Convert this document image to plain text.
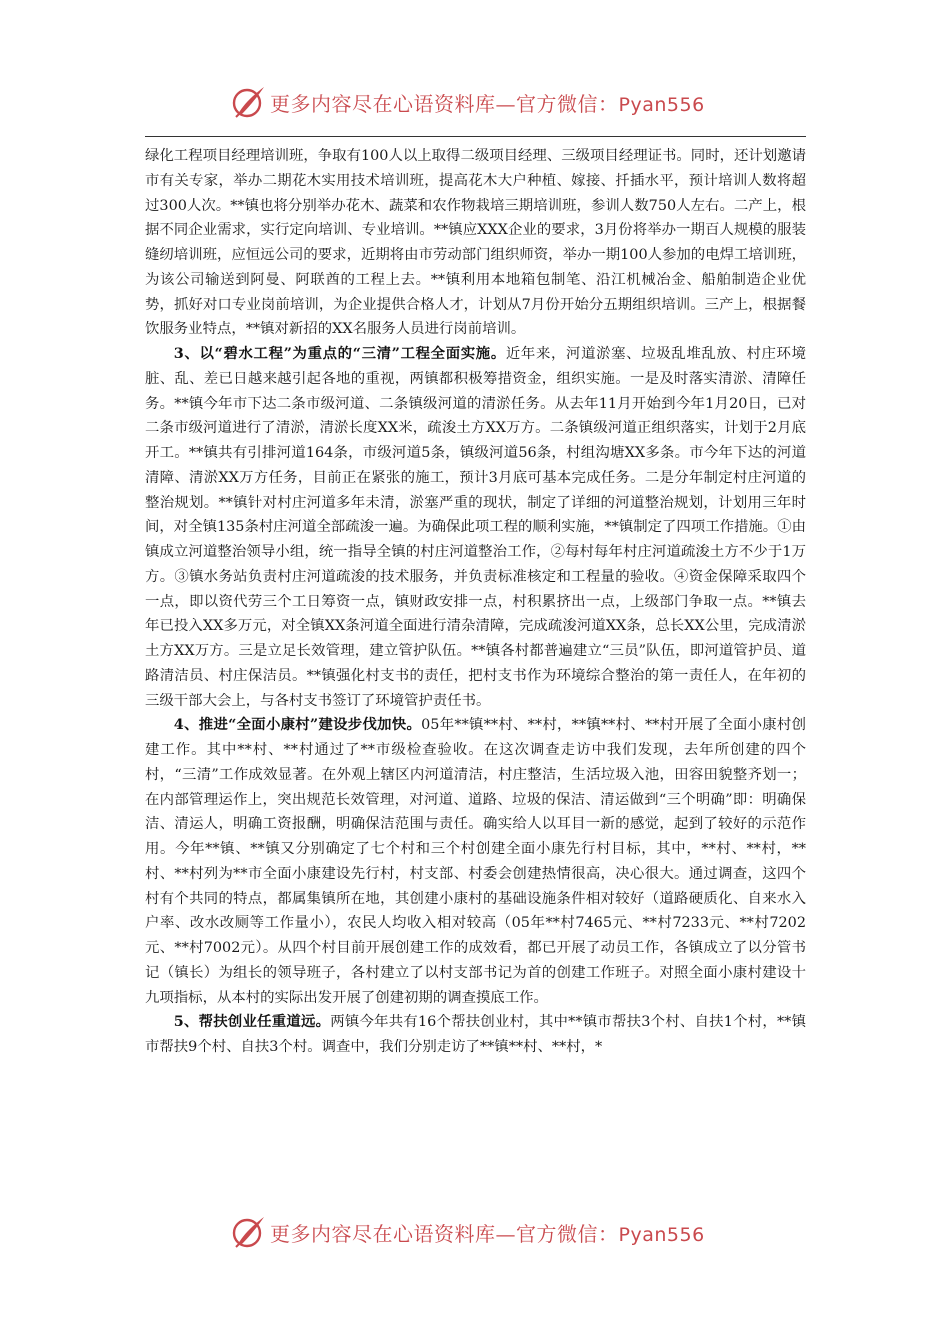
更多内容尽在心语资料库—官方微信：Pyan556

绿化工程项目经理培训班，争取有100人以上取得二级项目经理、三级项目经理证书。同时，还计划邀请市有关专家，举办二期花木实用技术培训班，提高花木大户种植、嫁接、扦插水平，预计培训人数将超过300人次。**镇也将分别举办花木、蔬菜和农作物栽培三期培训班，参训人数750人左右。二产上，根据不同企业需求，实行定向培训、专业培训。**镇应XXX企业的要求，3月份将举办一期百人规模的服装缝纫培训班，应恒远公司的要求，近期将由市劳动部门组织师资，举办一期100人参加的电焊工培训班，为该公司输送到阿曼、阿联酋的工程上去。**镇利用本地箱包制笔、沿江机械冶金、船舶制造企业优势，抓好对口专业岗前培训，为企业提供合格人才，计划从7月份开始分五期组织培训。三产上，根据餐饮服务业特点，**镇对新招的XX名服务人员进行岗前培训。

3、以“碧水工程”为重点的“三清”工程全面实施。近年来，河道淤塞、垃圾乱堆乱放、村庄环境脏、乱、差已日越来越引起各地的重视，两镇都积极筹措资金，组织实施。一是及时落实清淤、清障任务。**镇今年市下达二条市级河道、二条镇级河道的清淤任务。从去年11月开始到今年1月20日，已对二条市级河道进行了清淤，清淤长度XX米，疏浚土方XX万方。二条镇级河道正组织落实，计划于2月底开工。**镇共有引排河道164条，市级河道5条，镇级河道56条，村组沟塘XX多条。市今年下达的河道清障、清淤XX万方任务，目前正在紧张的施工，预计3月底可基本完成任务。二是分年制定村庄河道的整治规划。**镇针对村庄河道多年未清，淤塞严重的现状，制定了详细的河道整治规划，计划用三年时间，对全镇135条村庄河道全部疏浚一遍。为确保此项工程的顺利实施，**镇制定了四项工作措施。①由镇成立河道整治领导小组，统一指导全镇的村庄河道整治工作，②每村每年村庄河道疏浚土方不少于1万方。③镇水务站负责村庄河道疏浚的技术服务，并负责标准核定和工程量的验收。④资金保障采取四个一点，即以资代劳三个工日筹资一点，镇财政安排一点，村积累挤出一点，上级部门争取一点。**镇去年已投入XX多万元，对全镇XX条河道全面进行清杂清障，完成疏浚河道XX条，总长XX公里，完成清淤土方XX万方。三是立足长效管理，建立管护队伍。**镇各村都普遍建立“三员”队伍，即河道管护员、道路清洁员、村庄保洁员。**镇强化村支书的责任，把村支书作为环境综合整治的第一责任人，在年初的三级干部大会上，与各村支书签订了环境管护责任书。

4、推进“全面小康村”建设步伐加快。05年**镇**村、**村，**镇**村、**村开展了全面小康村创建工作。其中**村、**村通过了**市级检查验收。在这次调查走访中我们发现，去年所创建的四个村，“三清”工作成效显著。在外观上辖区内河道清洁，村庄整洁，生活垃圾入池，田容田貌整齐划一；在内部管理运作上，突出规范长效管理，对河道、道路、垃圾的保洁、清运做到“三个明确”即：明确保洁、清运人，明确工资报酬，明确保洁范围与责任。确实给人以耳目一新的感觉，起到了较好的示范作用。今年**镇、**镇又分别确定了七个村和三个村创建全面小康先行村目标，其中，**村、**村，**村、**村列为**市全面小康建设先行村，村支部、村委会创建热情很高，决心很大。通过调查，这四个村有个共同的特点，都属集镇所在地，其创建小康村的基础设施条件相对较好（道路硬质化、自来水入户率、改水改厕等工作量小），农民人均收入相对较高（05年**村7465元、**村7233元、**村7202元、**村7002元）。从四个村目前开展创建工作的成效看，都已开展了动员工作，各镇成立了以分管书记（镇长）为组长的领导班子，各村建立了以村支部书记为首的创建工作班子。对照全面小康村建设十九项指标，从本村的实际出发开展了创建初期的调查摸底工作。

5、帮扶创业任重道远。两镇今年共有16个帮扶创业村，其中**镇市帮扶3个村、自扶1个村，**镇市帮扶9个村、自扶3个村。调查中，我们分别走访了**镇**村、**村，*

更多内容尽在心语资料库—官方微信：Pyan556
